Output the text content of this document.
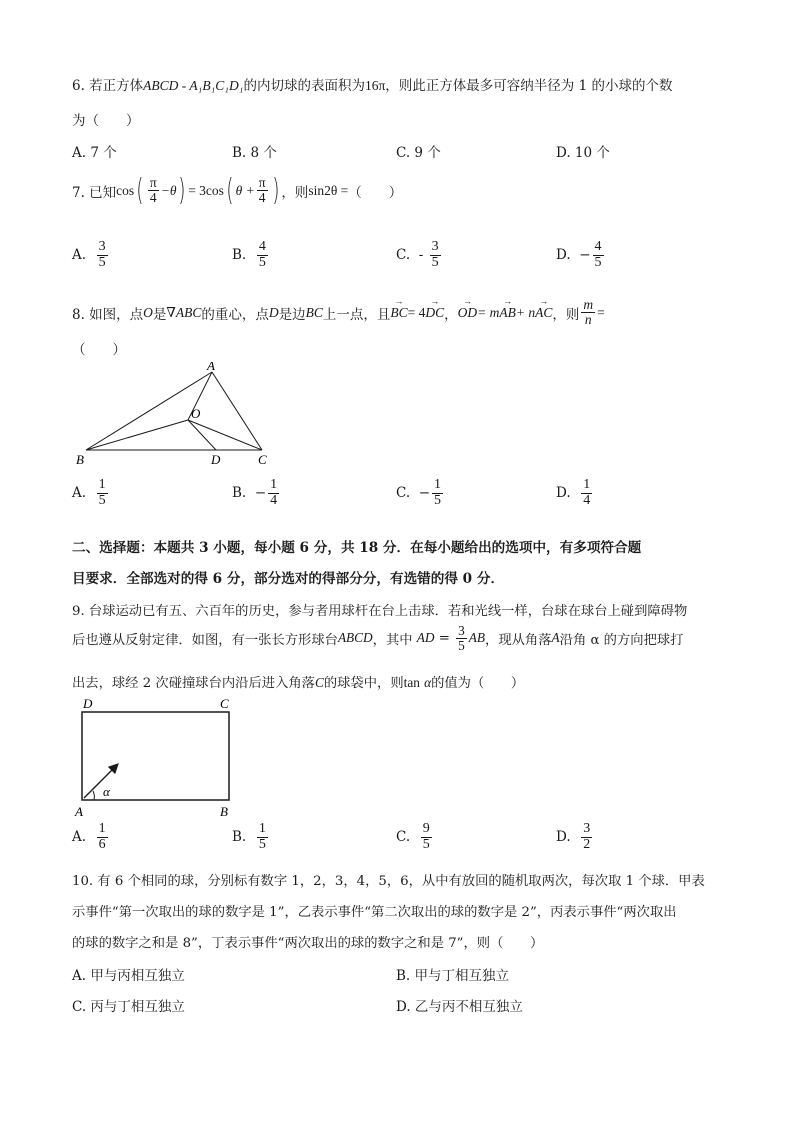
6. 若正方体ABCD - A₁B₁C₁D₁的内切球的表面积为16π，则此正方体最多可容纳半径为 1 的小球的个数
为（　　）
A. 7 个	B. 8 个	C. 9 个	D. 10 个
7. 已知 cos ( $\frac{\pi}{4} -\theta$ ) = 3cos ( $\theta + \frac{\pi}{4}$ ) ，则 sin2θ = （　　）
A.
$\frac{3}{5}$	B.
$\frac{4}{5}$	C.
-
$\frac{3}{5}$	D.
− $\frac{4}{5}$
8. 如图，点 O 是 ∇ABC 的重心，点 D 是边 BC 上一点，且 → BC = 4 → DC ， → OD = m → AB + n → AC ，则 $\frac{m}{n}$ =
（　　）
A
O
B	D	C
A.
$\frac{1}{5}$	B.
− $\frac{1}{4}$	C.
− $\frac{1}{5}$	D.
$\frac{1}{4}$
二、选择题：本题共 3 小题，每小题 6 分，共 18 分．在每小题给出的选项中，有多项符合题
目要求．全部选对的得 6 分，部分选对的得部分分，有选错的得 0 分．
9. 台球运动已有五、六百年的历史，参与者用球杆在台上击球．若和光线一样，台球在球台上碰到障碍物
后也遵从反射定律．如图，有一张长方形球台 ABCD ，其中
AD
=
$\frac{3}{5}$ AB ，现从角落 A 沿角 α 的方向把球打
出去，球经 2 次碰撞球台内沿后进入角落C的球袋中，则tan α的值为（　　）
D	C
A	B
α
A.
$\frac{1}{6}$	B.
$\frac{1}{5}$	C.
$\frac{9}{5}$	D.
$\frac{3}{2}$
10. 有 6 个相同的球，分别标有数字 1，2，3，4，5，6，从中有放回的随机取两次，每次取 1 个球．甲表
示事件“第一次取出的球的数字是 1”，乙表示事件“第二次取出的球的数字是 2”，丙表示事件“两次取出
的球的数字之和是 8”，丁表示事件“两次取出的球的数字之和是 7”，则（　　）
A. 甲与丙相互独立	B. 甲与丁相互独立
C. 丙与丁相互独立	D. 乙与丙不相互独立
